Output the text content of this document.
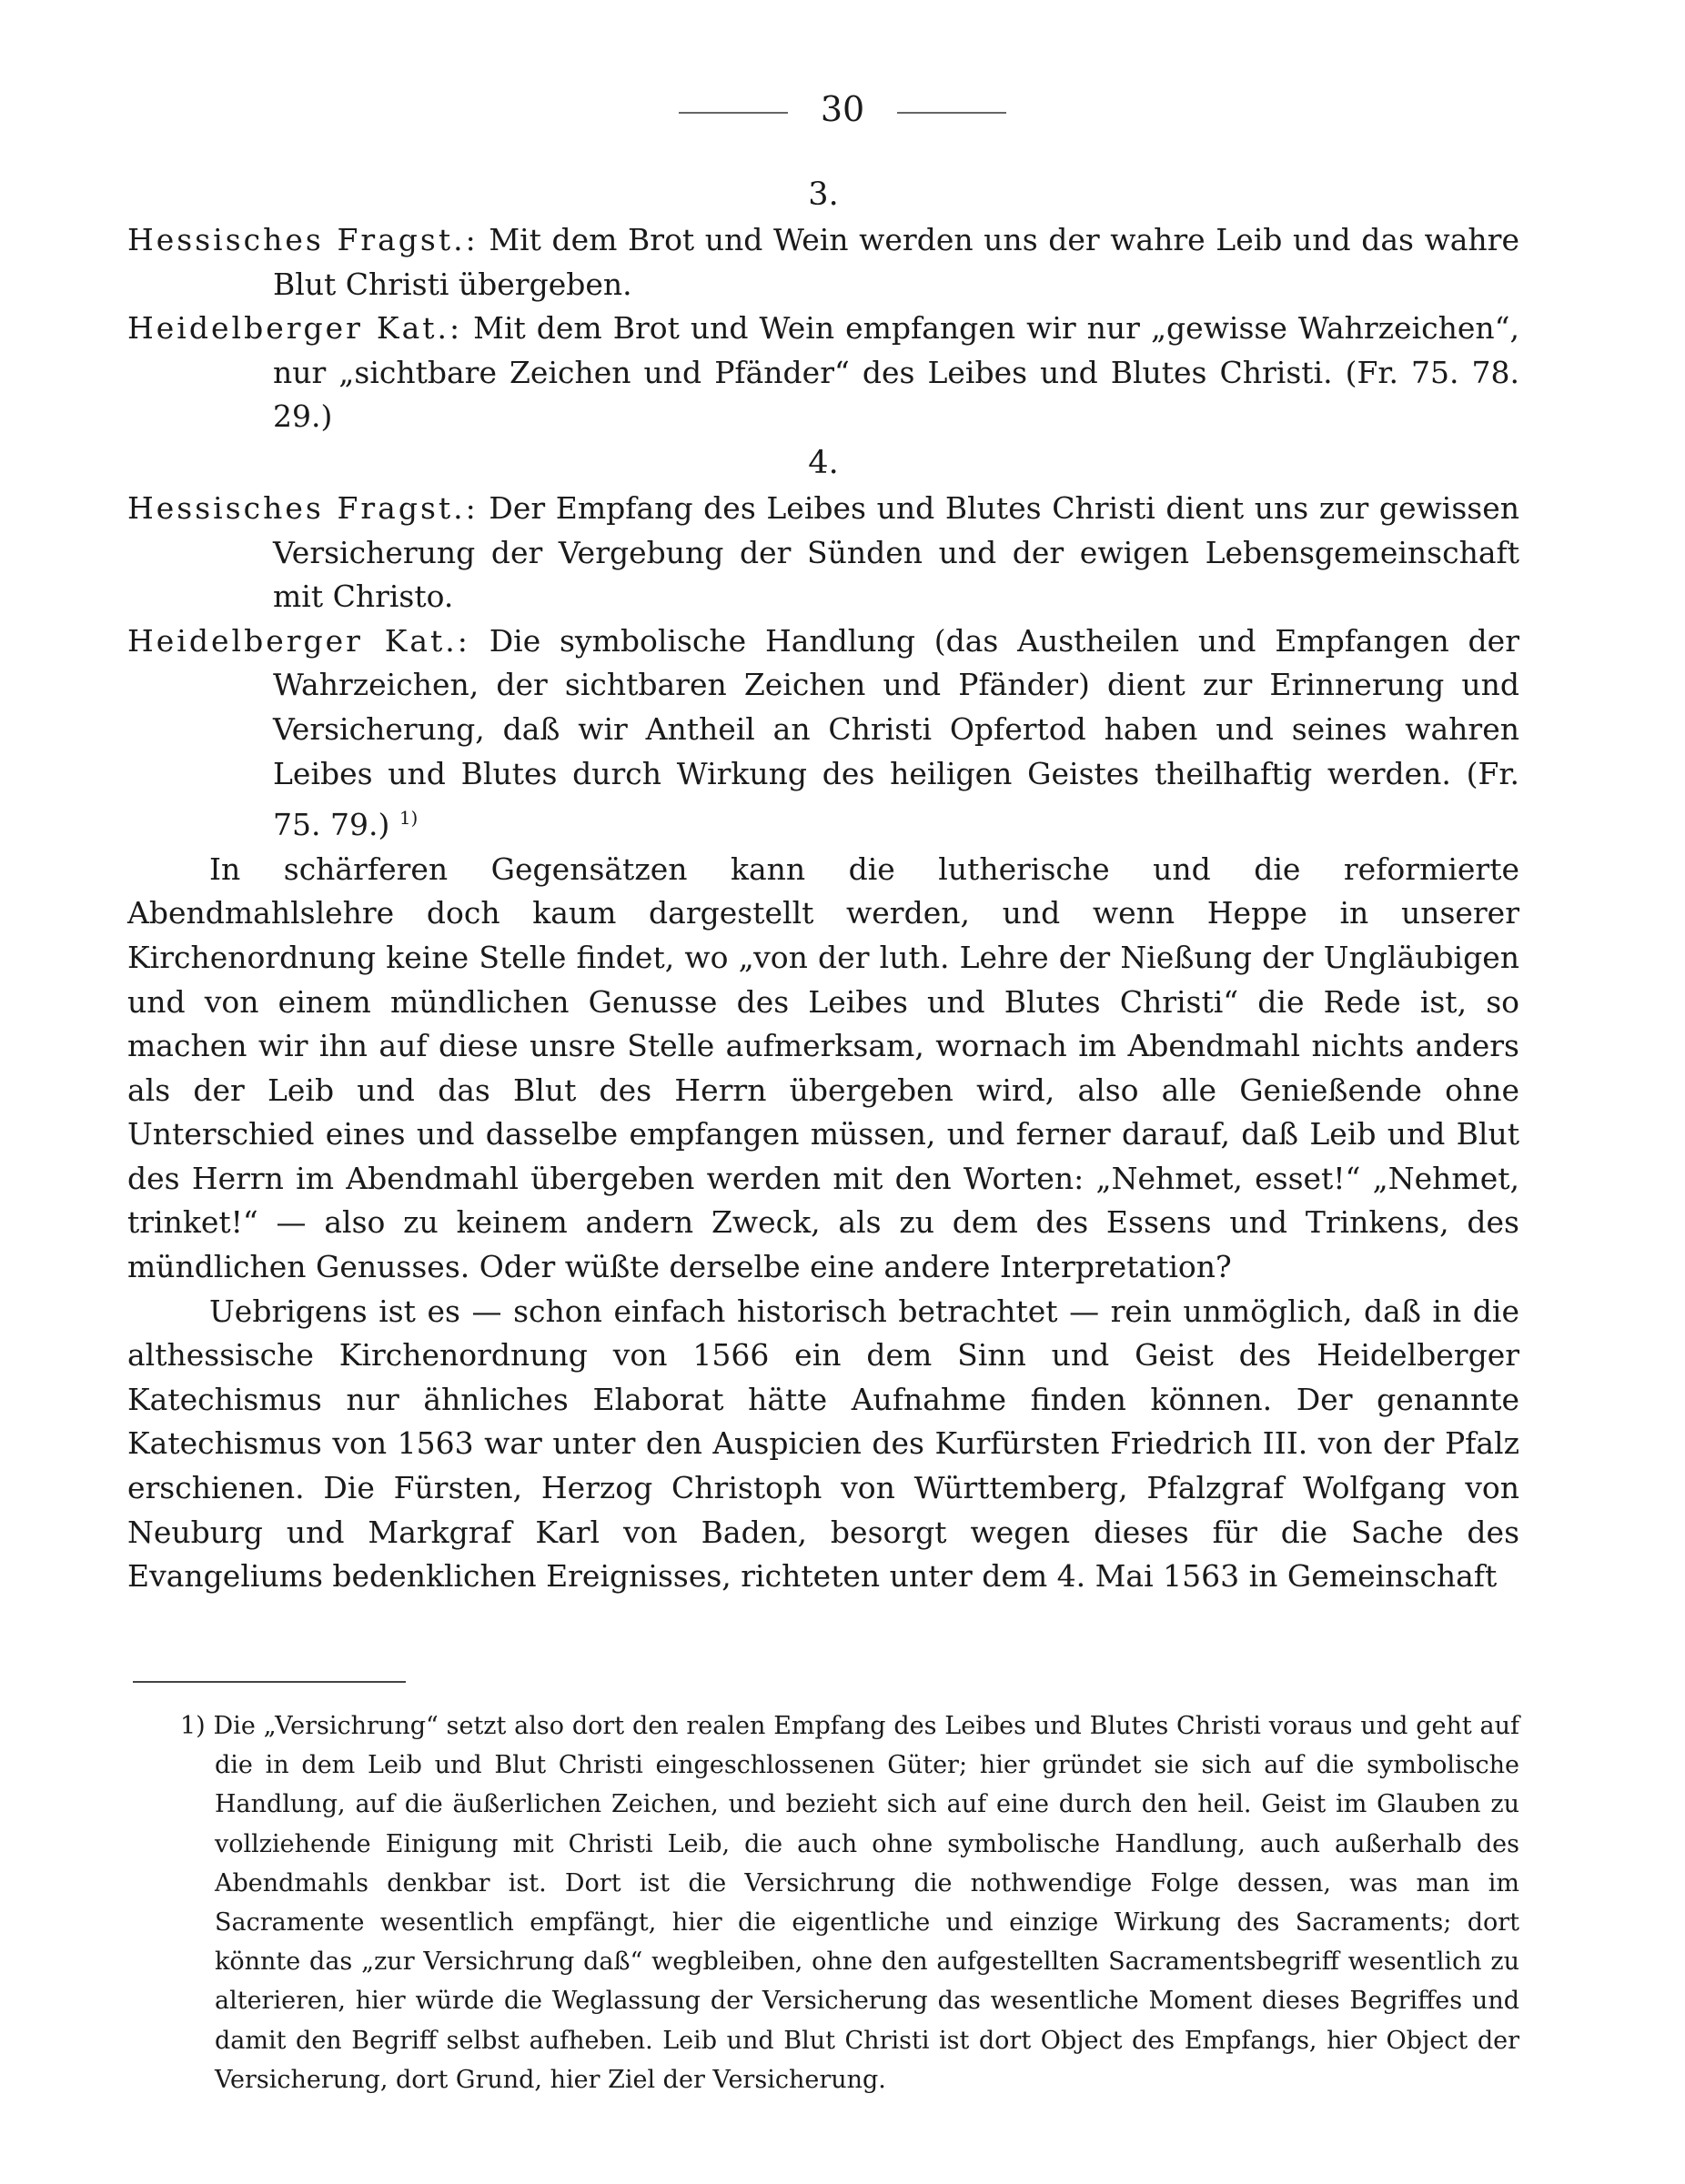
30
3.

Hessisches Fragst.: Mit dem Brot und Wein werden uns der wahre Leib und das wahre Blut Christi übergeben.

Heidelberger Kat.: Mit dem Brot und Wein empfangen wir nur „gewisse Wahrzeichen“, nur „sichtbare Zeichen und Pfänder“ des Leibes und Blutes Christi. (Fr. 75. 78. 29.)

4.

Hessisches Fragst.: Der Empfang des Leibes und Blutes Christi dient uns zur gewissen Versicherung der Vergebung der Sünden und der ewigen Lebensgemeinschaft mit Christo.

Heidelberger Kat.: Die symbolische Handlung (das Austheilen und Empfangen der Wahrzeichen, der sichtbaren Zeichen und Pfänder) dient zur Erinnerung und Versicherung, daß wir Antheil an Christi Opfertod haben und seines wahren Leibes und Blutes durch Wirkung des heiligen Geistes theilhaftig werden. (Fr. 75. 79.) $^{1)}$

In schärferen Gegensätzen kann die lutherische und die reformierte Abendmahlslehre doch kaum dargestellt werden, und wenn Heppe in unserer Kirchenordnung keine Stelle findet, wo „von der luth. Lehre der Nießung der Ungläubigen und von einem mündlichen Genusse des Leibes und Blutes Christi“ die Rede ist, so machen wir ihn auf diese unsre Stelle aufmerksam, wornach im Abendmahl nichts anders als der Leib und das Blut des Herrn übergeben wird, also alle Genießende ohne Unterschied eines und dasselbe empfangen müssen, und ferner darauf, daß Leib und Blut des Herrn im Abendmahl übergeben werden mit den Worten: „Nehmet, esset!“ „Nehmet, trinket!“ — also zu keinem andern Zweck, als zu dem des Essens und Trinkens, des mündlichen Genusses. Oder wüßte derselbe eine andere Interpretation?

Uebrigens ist es — schon einfach historisch betrachtet — rein unmöglich, daß in die althessische Kirchenordnung von 1566 ein dem Sinn und Geist des Heidelberger Katechismus nur ähnliches Elaborat hätte Aufnahme finden können. Der genannte Katechismus von 1563 war unter den Auspicien des Kurfürsten Friedrich III. von der Pfalz erschienen. Die Fürsten, Herzog Christoph von Württemberg, Pfalzgraf Wolfgang von Neuburg und Markgraf Karl von Baden, besorgt wegen dieses für die Sache des Evangeliums bedenklichen Ereignisses, richteten unter dem 4. Mai 1563 in Gemeinschaft

1) Die „Versichrung“ setzt also dort den realen Empfang des Leibes und Blutes Christi voraus und geht auf die in dem Leib und Blut Christi eingeschlossenen Güter; hier gründet sie sich auf die symbolische Handlung, auf die äußerlichen Zeichen, und bezieht sich auf eine durch den heil. Geist im Glauben zu vollziehende Einigung mit Christi Leib, die auch ohne symbolische Handlung, auch außerhalb des Abendmahls denkbar ist. Dort ist die Versichrung die nothwendige Folge dessen, was man im Sacramente wesentlich empfängt, hier die eigentliche und einzige Wirkung des Sacraments; dort könnte das „zur Versichrung daß“ wegbleiben, ohne den aufgestellten Sacramentsbegriff wesentlich zu alterieren, hier würde die Weglassung der Versicherung das wesentliche Moment dieses Begriffes und damit den Begriff selbst aufheben. Leib und Blut Christi ist dort Object des Empfangs, hier Object der Versicherung, dort Grund, hier Ziel der Versicherung.
